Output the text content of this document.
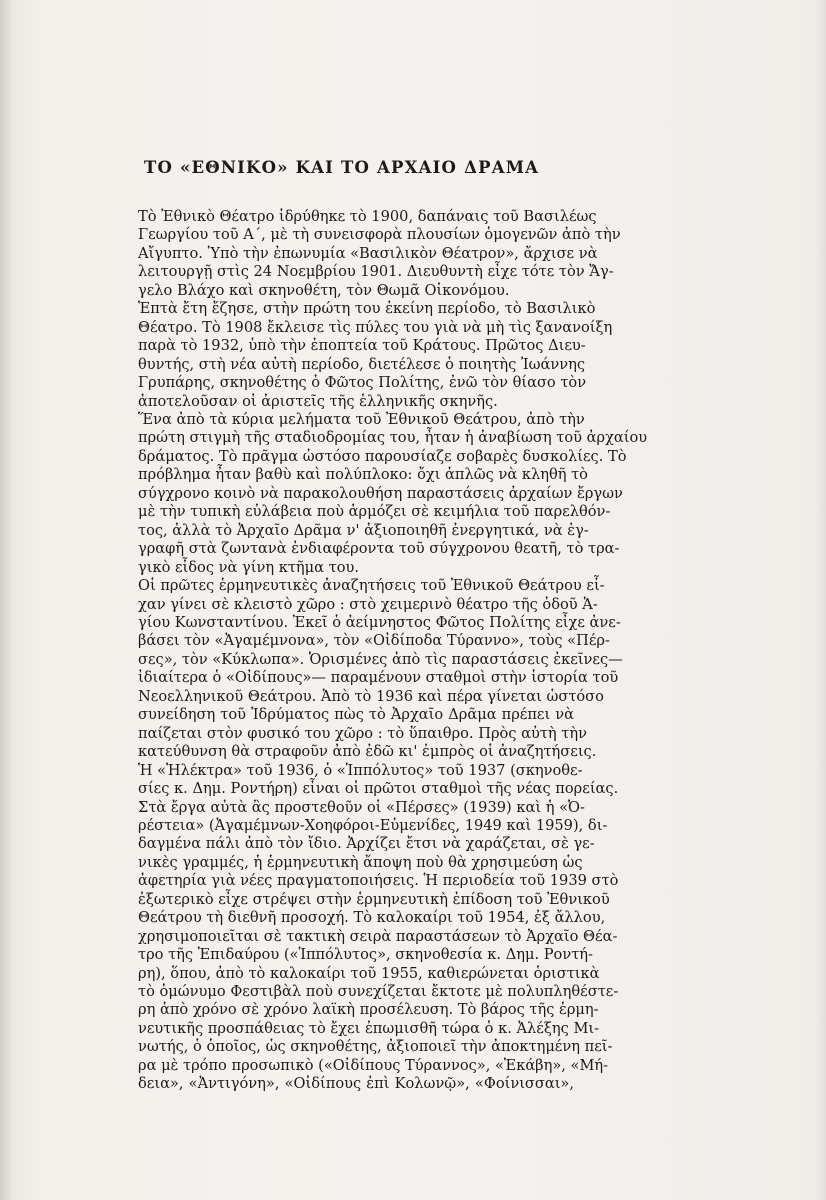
ΤΟ «ΕΘΝΙΚΟ» ΚΑΙ ΤΟ ΑΡΧΑΙΟ ΔΡΑΜΑ
Τὸ Ἐθνικὸ Θέατρο ἱδρύθηκε τὸ 1900, δαπάναις τοῦ Βασιλέως
Γεωργίου τοῦ Α΄, μὲ τὴ συνεισφορὰ πλουσίων ὁμογενῶν ἀπὸ τὴν
Αἴγυπτο. Ὑπὸ τὴν ἐπωνυμία «Βασιλικὸν Θέατρον», ἄρχισε νὰ
λειτουργῇ στὶς 24 Νοεμβρίου 1901. Διευθυντὴ εἶχε τότε τὸν Ἄγ-
γελο Βλάχο καὶ σκηνοθέτη, τὸν Θωμᾶ Οἰκονόμου.
Ἑπτὰ ἔτη ἔζησε, στὴν πρώτη του ἐκείνη περίοδο, τὸ Βασιλικὸ
Θέατρο. Τὸ 1908 ἔκλεισε τὶς πύλες του γιὰ νὰ μὴ τὶς ξανανοίξη
παρὰ τὸ 1932, ὑπὸ τὴν ἐποπτεία τοῦ Κράτους. Πρῶτος Διευ-
θυντής, στὴ νέα αὐτὴ περίοδο, διετέλεσε ὁ ποιητὴς Ἰωάννης
Γρυπάρης, σκηνοθέτης ὁ Φῶτος Πολίτης, ἐνῶ τὸν θίασο τὸν
ἀποτελοῦσαν οἱ ἀριστεῖς τῆς ἑλληνικῆς σκηνῆς.
Ἕνα ἀπὸ τὰ κύρια μελήματα τοῦ Ἐθνικοῦ Θεάτρου, ἀπὸ τὴν
πρώτη στιγμὴ τῆς σταδιοδρομίας του, ἦταν ἡ ἀναβίωση τοῦ ἀρχαίου
δράματος. Τὸ πρᾶγμα ὡστόσο παρουσίαζε σοβαρὲς δυσκολίες. Τὸ
πρόβλημα ἦταν βαθὺ καὶ πολύπλοκο: ὄχι ἁπλῶς νὰ κληθῆ τὸ
σύγχρονο κοινὸ νὰ παρακολουθήση παραστάσεις ἀρχαίων ἔργων
μὲ τὴν τυπικὴ εὐλάβεια ποὺ ἁρμόζει σὲ κειμήλια τοῦ παρελθόν-
τος, ἀλλὰ τὸ Ἀρχαῖο Δρᾶμα ν' ἀξιοποιηθῆ ἐνεργητικά, νὰ ἐγ-
γραφῆ στὰ ζωντανὰ ἐνδιαφέροντα τοῦ σύγχρονου θεατῆ, τὸ τρα-
γικὸ εἶδος νὰ γίνη κτῆμα του.
Οἱ πρῶτες ἑρμηνευτικὲς ἀναζητήσεις τοῦ Ἐθνικοῦ Θεάτρου εἶ-
χαν γίνει σὲ κλειστὸ χῶρο : στὸ χειμερινὸ θέατρο τῆς ὁδοῦ Ἁ-
γίου Κωνσταντίνου. Ἐκεῖ ὁ ἀείμνηστος Φῶτος Πολίτης εἶχε ἀνε-
βάσει τὸν «Ἀγαμέμνονα», τὸν «Οἰδίποδα Τύραννο», τοὺς «Πέρ-
σες», τὸν «Κύκλωπα». Ὁρισμένες ἀπὸ τὶς παραστάσεις ἐκεῖνες—
ἰδιαίτερα ὁ «Οἰδίπους»— παραμένουν σταθμοὶ στὴν ἱστορία τοῦ
Νεοελληνικοῦ Θεάτρου. Ἀπὸ τὸ 1936 καὶ πέρα γίνεται ὡστόσο
συνείδηση τοῦ Ἱδρύματος πὼς τὸ Ἀρχαῖο Δρᾶμα πρέπει νὰ
παίζεται στὸν φυσικό του χῶρο : τὸ ὕπαιθρο. Πρὸς αὐτὴ τὴν
κατεύθυνση θὰ στραφοῦν ἀπὸ ἐδῶ κι' ἐμπρὸς οἱ ἀναζητήσεις.
Ἡ «Ἠλέκτρα» τοῦ 1936, ὁ «Ἱππόλυτος» τοῦ 1937 (σκηνοθε-
σίες κ. Δημ. Ροντήρη) εἶναι οἱ πρῶτοι σταθμοὶ τῆς νέας πορείας.
Στὰ ἔργα αὐτὰ ἂς προστεθοῦν οἱ «Πέρσες» (1939) καὶ ἡ «Ὀ-
ρέστεια» (Ἀγαμέμνων-Χοηφόροι-Εὐμενίδες, 1949 καὶ 1959), δι-
δαγμένα πάλι ἀπὸ τὸν ἴδιο. Ἀρχίζει ἔτσι νὰ χαράζεται, σὲ γε-
νικὲς γραμμές, ἡ ἑρμηνευτικὴ ἄποψη ποὺ θὰ χρησιμεύση ὡς
ἀφετηρία γιὰ νέες πραγματοποιήσεις. Ἡ περιοδεία τοῦ 1939 στὸ
ἐξωτερικὸ εἶχε στρέψει στὴν ἑρμηνευτικὴ ἐπίδοση τοῦ Ἐθνικοῦ
Θεάτρου τὴ διεθνῆ προσοχή. Τὸ καλοκαίρι τοῦ 1954, ἐξ ἄλλου,
χρησιμοποιεῖται σὲ τακτικὴ σειρὰ παραστάσεων τὸ Ἀρχαῖο Θέα-
τρο τῆς Ἐπιδαύρου («Ἱππόλυτος», σκηνοθεσία κ. Δημ. Ροντή-
ρη), ὅπου, ἀπὸ τὸ καλοκαίρι τοῦ 1955, καθιερώνεται ὁριστικὰ
τὸ ὁμώνυμο Φεστιβὰλ ποὺ συνεχίζεται ἔκτοτε μὲ πολυπληθέστε-
ρη ἀπὸ χρόνο σὲ χρόνο λαϊκὴ προσέλευση. Τὸ βάρος τῆς ἑρμη-
νευτικῆς προσπάθειας τὸ ἔχει ἐπωμισθῆ τώρα ὁ κ. Ἀλέξης Μι-
νωτής, ὁ ὁποῖος, ὡς σκηνοθέτης, ἀξιοποιεῖ τὴν ἀποκτημένη πεῖ-
ρα μὲ τρόπο προσωπικὸ («Οἰδίπους Τύραννος», «Ἑκάβη», «Μή-
δεια», «Ἀντιγόνη», «Οἰδίπους ἐπὶ Κολωνῷ», «Φοίνισσαι»,
